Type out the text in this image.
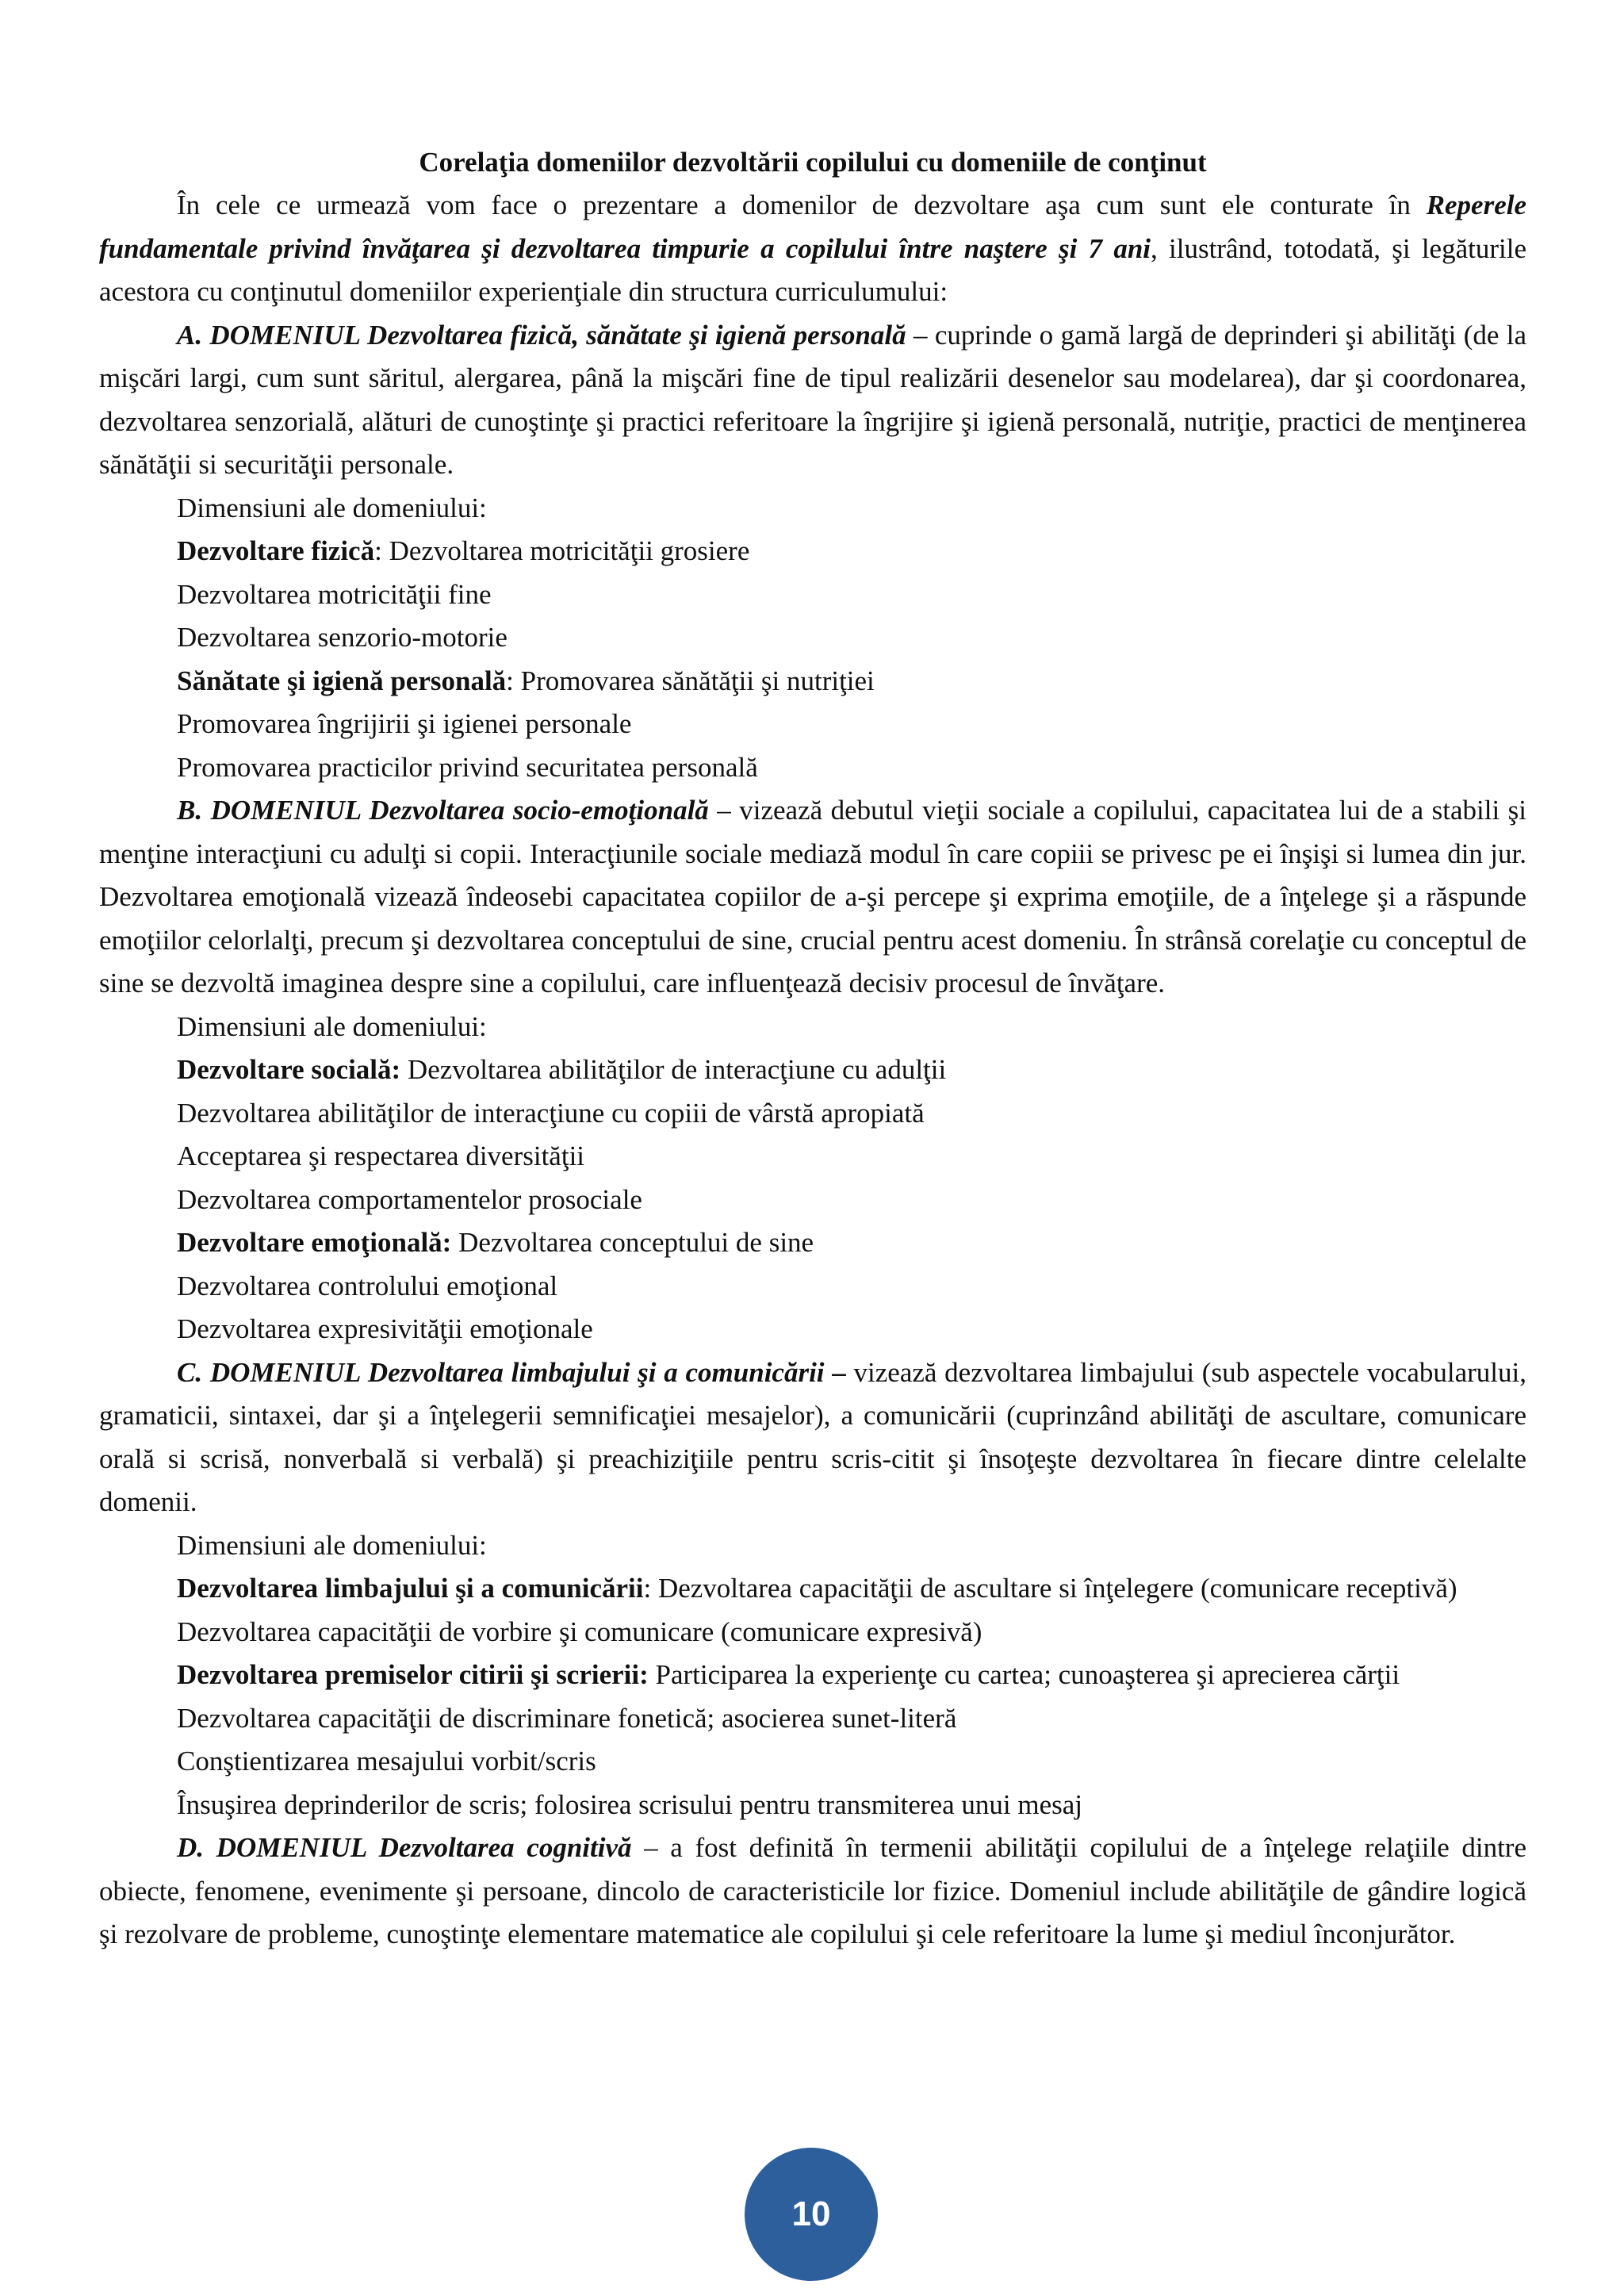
Corelaţia domeniilor dezvoltării copilului cu domeniile de conţinut

În cele ce urmează vom face o prezentare a domenilor de dezvoltare aşa cum sunt ele conturate în Reperele fundamentale privind învăţarea şi dezvoltarea timpurie a copilului între naştere şi 7 ani, ilustrând, totodată, şi legăturile acestora cu conţinutul domeniilor experienţiale din structura curriculumului:

A. DOMENIUL Dezvoltarea fizică, sănătate şi igienă personală – cuprinde o gamă largă de deprinderi şi abilităţi (de la mişcări largi, cum sunt săritul, alergarea, până la mişcări fine de tipul realizării desenelor sau modelarea), dar şi coordonarea, dezvoltarea senzorială, alături de cunoştinţe şi practici referitoare la îngrijire şi igienă personală, nutriţie, practici de menţinerea sănătăţii si securităţii personale.

Dimensiuni ale domeniului:

Dezvoltare fizică: Dezvoltarea motricităţii grosiere

Dezvoltarea motricităţii fine

Dezvoltarea senzorio-motorie

Sănătate şi igienă personală: Promovarea sănătăţii şi nutriţiei

Promovarea îngrijirii şi igienei personale

Promovarea practicilor privind securitatea personală

B. DOMENIUL Dezvoltarea socio-emoţională – vizează debutul vieţii sociale a copilului, capacitatea lui de a stabili şi menţine interacţiuni cu adulţi si copii. Interacţiunile sociale mediază modul în care copiii se privesc pe ei înşişi si lumea din jur. Dezvoltarea emoţională vizează îndeosebi capacitatea copiilor de a-şi percepe şi exprima emoţiile, de a înţelege şi a răspunde emoţiilor celorlalţi, precum şi dezvoltarea conceptului de sine, crucial pentru acest domeniu. În strânsă corelaţie cu conceptul de sine se dezvoltă imaginea despre sine a copilului, care influenţează decisiv procesul de învăţare.

Dimensiuni ale domeniului:

Dezvoltare socială: Dezvoltarea abilităţilor de interacţiune cu adulţii

Dezvoltarea abilităţilor de interacţiune cu copiii de vârstă apropiată

Acceptarea şi respectarea diversităţii

Dezvoltarea comportamentelor prosociale

Dezvoltare emoţională: Dezvoltarea conceptului de sine

Dezvoltarea controlului emoţional

Dezvoltarea expresivităţii emoţionale

C. DOMENIUL Dezvoltarea limbajului şi a comunicării – vizează dezvoltarea limbajului (sub aspectele vocabularului, gramaticii, sintaxei, dar şi a înţelegerii semnificaţiei mesajelor), a comunicării (cuprinzând abilităţi de ascultare, comunicare orală si scrisă, nonverbală si verbală) şi preachiziţiile pentru scris-citit şi însoţeşte dezvoltarea în fiecare dintre celelalte domenii.

Dimensiuni ale domeniului:

Dezvoltarea limbajului şi a comunicării: Dezvoltarea capacităţii de ascultare si înţelegere (comunicare receptivă)

Dezvoltarea capacităţii de vorbire şi comunicare (comunicare expresivă)

Dezvoltarea premiselor citirii şi scrierii: Participarea la experienţe cu cartea; cunoaşterea şi aprecierea cărţii

Dezvoltarea capacităţii de discriminare fonetică; asocierea sunet-literă

Conştientizarea mesajului vorbit/scris

Însuşirea deprinderilor de scris; folosirea scrisului pentru transmiterea unui mesaj

D. DOMENIUL Dezvoltarea cognitivă – a fost definită în termenii abilităţii copilului de a înţelege relaţiile dintre obiecte, fenomene, evenimente şi persoane, dincolo de caracteristicile lor fizice. Domeniul include abilităţile de gândire logică şi rezolvare de probleme, cunoştinţe elementare matematice ale copilului şi cele referitoare la lume şi mediul înconjurător.

10
